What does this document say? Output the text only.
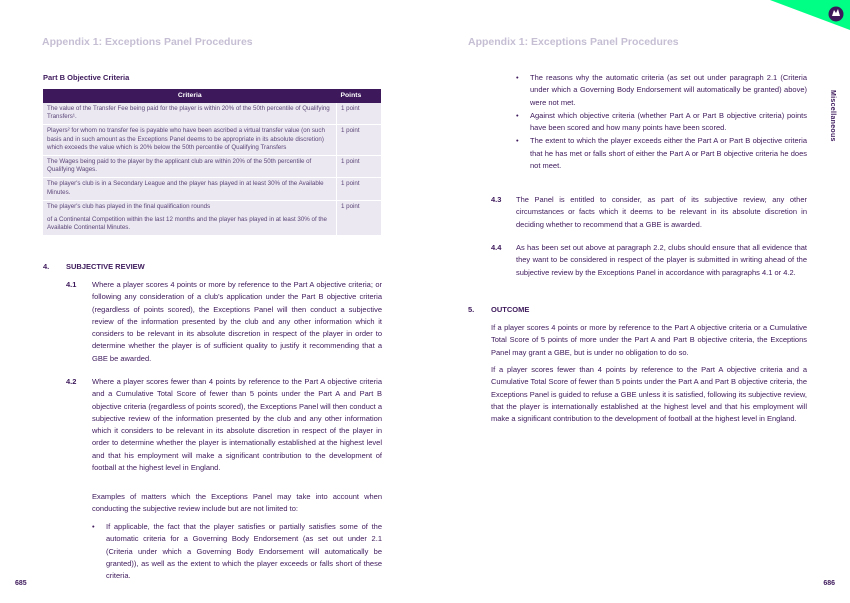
Appendix 1: Exceptions Panel Procedures
Part B Objective Criteria
Criteria	Points
The value of the Transfer Fee being paid for the player is within 20% of the 50th percentile of Qualifying Transfers¹.	1 point
Players² for whom no transfer fee is payable who have been ascribed a virtual transfer value (on such basis and in such amount as the Exceptions Panel deems to be appropriate in its absolute discretion) which exceeds the value which is 20% below the 50th percentile of Qualifying Transfers	1 point
The Wages being paid to the player by the applicant club are within 20% of the 50th percentile of Qualifying Wages.	1 point
The player's club is in a Secondary League and the player has played in at least 30% of the Available Minutes.	1 point

The player's club has played in the final qualification rounds
of a Continental Competition within the last 12 months and the player has played in at least 30% of the Available Continental Minutes.	1 point
4. SUBJECTIVE REVIEW
4.1 Where a player scores 4 points or more by reference to the Part A objective criteria; or following any consideration of a club's application under the Part B objective criteria (regardless of points scored), the Exceptions Panel will then conduct a subjective review of the information presented by the club and any other information which it considers to be relevant in its absolute discretion in respect of the player in order to determine whether the player is of sufficient quality to justify it recommending that a GBE be awarded.
4.2 Where a player scores fewer than 4 points by reference to the Part A objective criteria and a Cumulative Total Score of fewer than 5 points under the Part A and Part B objective criteria (regardless of points scored), the Exceptions Panel will then conduct a subjective review of the information presented by the club and any other information which it considers to be relevant in its absolute discretion in respect of the player in order to determine whether the player is internationally established at the highest level and that his employment will make a significant contribution to the development of football at the highest level in England.
Examples of matters which the Exceptions Panel may take into account when conducting the subjective review include but are not limited to:
• If applicable, the fact that the player satisfies or partially satisfies some of the automatic criteria for a Governing Body Endorsement (as set out under 2.1 (Criteria under which a Governing Body Endorsement will automatically be granted)), as well as the extent to which the player exceeds or falls short of these criteria.
685
Appendix 1: Exceptions Panel Procedures
Miscellaneous
• The reasons why the automatic criteria (as set out under paragraph 2.1 (Criteria under which a Governing Body Endorsement will automatically be granted) above) were not met.
• Against which objective criteria (whether Part A or Part B objective criteria) points have been scored and how many points have been scored.
• The extent to which the player exceeds either the Part A or Part B objective criteria that he has met or falls short of either the Part A or Part B objective criteria he does not meet.
4.3 The Panel is entitled to consider, as part of its subjective review, any other circumstances or facts which it deems to be relevant in its absolute discretion in deciding whether to recommend that a GBE is awarded.
4.4 As has been set out above at paragraph 2.2, clubs should ensure that all evidence that they want to be considered in respect of the player is submitted in writing ahead of the subjective review by the Exceptions Panel in accordance with paragraphs 4.1 or 4.2.
5. OUTCOME
If a player scores 4 points or more by reference to the Part A objective criteria or a Cumulative Total Score of 5 points of more under the Part A and Part B objective criteria, the Exceptions Panel may grant a GBE, but is under no obligation to do so.
If a player scores fewer than 4 points by reference to the Part A objective criteria and a Cumulative Total Score of fewer than 5 points under the Part A and Part B objective criteria, the Exceptions Panel is guided to refuse a GBE unless it is satisfied, following its subjective review, that the player is internationally established at the highest level and that his employment will make a significant contribution to the development of football at the highest level in England.
686
